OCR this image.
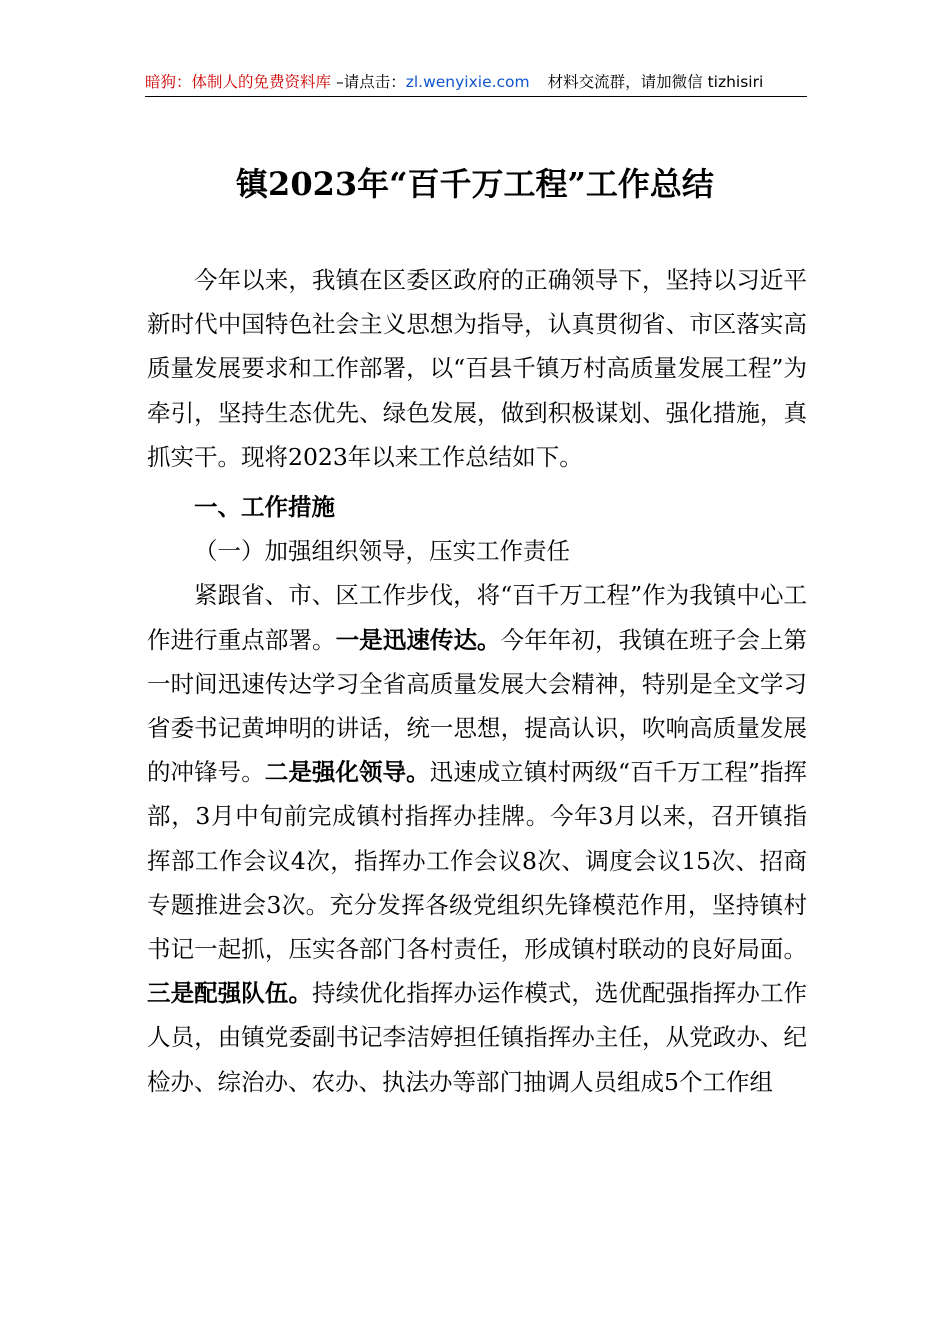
暗狗：体制人的免费资料库 –请点击：zl.wenyixie.com 材料交流群，请加微信 tizhisiri
镇2023年“百千万工程”工作总结

今年以来，我镇在区委区政府的正确领导下，坚持以习近平新时代中国特色社会主义思想为指导，认真贯彻省、市区落实高质量发展要求和工作部署，以“百县千镇万村高质量发展工程”为牵引，坚持生态优先、绿色发展，做到积极谋划、强化措施，真抓实干。现将2023年以来工作总结如下。

一、工作措施
（一）加强组织领导，压实工作责任

紧跟省、市、区工作步伐，将“百千万工程”作为我镇中心工作进行重点部署。一是迅速传达。今年年初，我镇在班子会上第一时间迅速传达学习全省高质量发展大会精神，特别是全文学习省委书记黄坤明的讲话，统一思想，提高认识，吹响高质量发展的冲锋号。二是强化领导。迅速成立镇村两级“百千万工程”指挥部，3月中旬前完成镇村指挥办挂牌。今年3月以来，召开镇指挥部工作会议4次，指挥办工作会议8次、调度会议15次、招商专题推进会3次。充分发挥各级党组织先锋模范作用，坚持镇村书记一起抓，压实各部门各村责任，形成镇村联动的良好局面。三是配强队伍。持续优化指挥办运作模式，选优配强指挥办工作人员，由镇党委副书记李洁婷担任镇指挥办主任，从党政办、纪检办、综治办、农办、执法办等部门抽调人员组成5个工作组
